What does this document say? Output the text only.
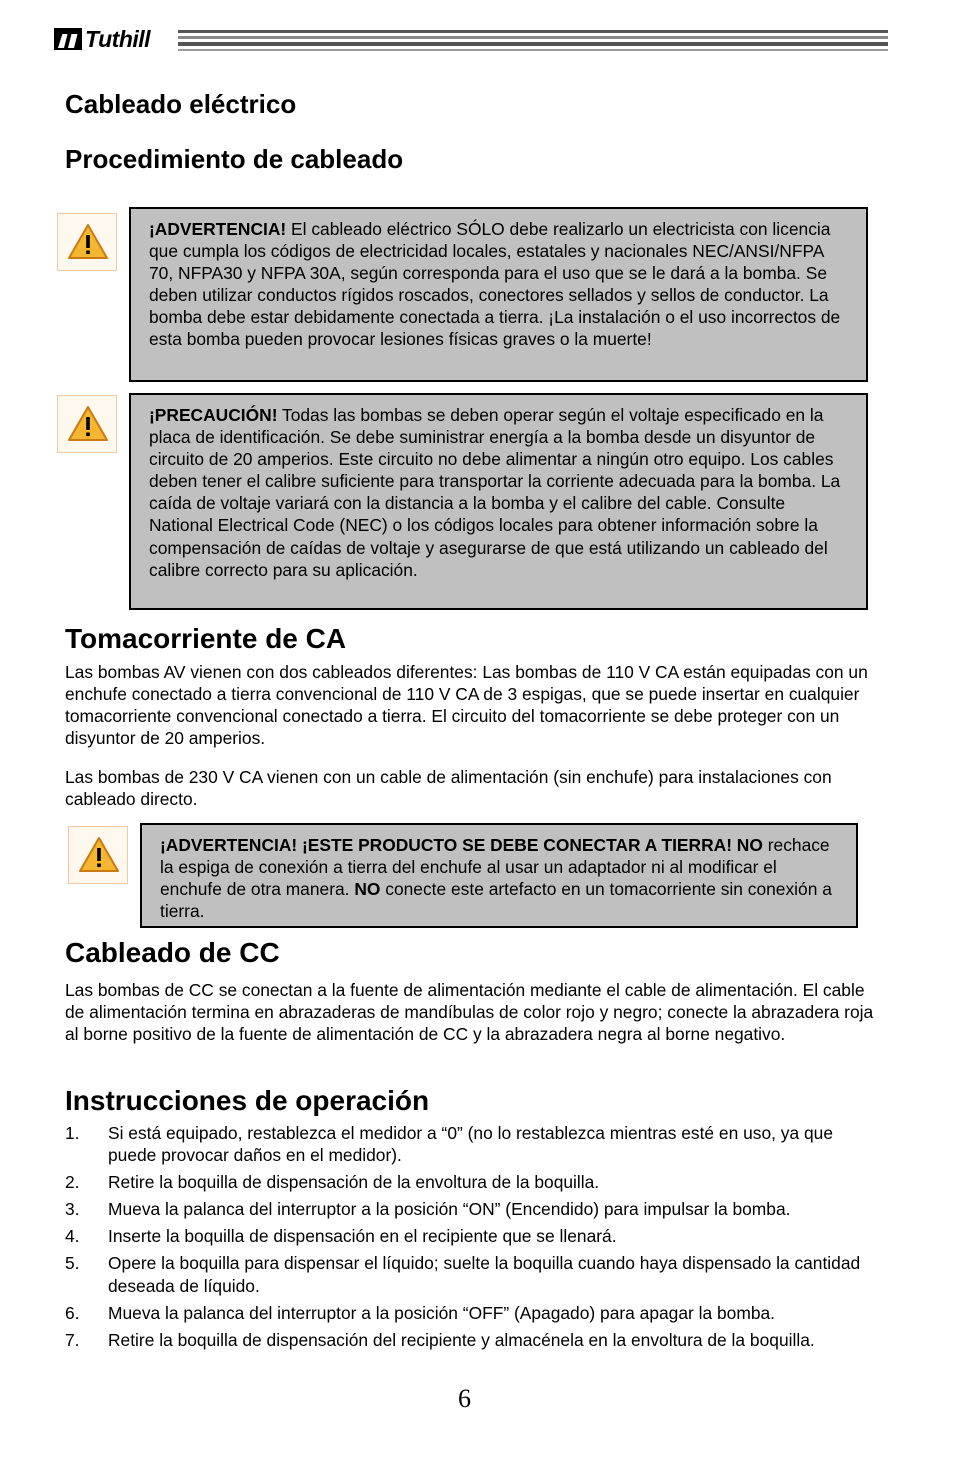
Tuthill
Cableado eléctrico
Procedimiento de cableado
¡ADVERTENCIA! El cableado eléctrico SÓLO debe realizarlo un electricista con licencia que cumpla los códigos de electricidad locales, estatales y nacionales NEC/ANSI/NFPA 70, NFPA30 y NFPA 30A, según corresponda para el uso que se le dará a la bomba. Se deben utilizar conductos rígidos roscados, conectores sellados y sellos de conductor. La bomba debe estar debidamente conectada a tierra. ¡La instalación o el uso incorrectos de esta bomba pueden provocar lesiones físicas graves o la muerte!
¡PRECAUCIÓN! Todas las bombas se deben operar según el voltaje especificado en la placa de identificación. Se debe suministrar energía a la bomba desde un disyuntor de circuito de 20 amperios. Este circuito no debe alimentar a ningún otro equipo. Los cables deben tener el calibre suficiente para transportar la corriente adecuada para la bomba. La caída de voltaje variará con la distancia a la bomba y el calibre del cable. Consulte National Electrical Code (NEC) o los códigos locales para obtener información sobre la compensación de caídas de voltaje y asegurarse de que está utilizando un cableado del calibre correcto para su aplicación.
Tomacorriente de CA

Las bombas AV vienen con dos cableados diferentes: Las bombas de 110 V CA están equipadas con un enchufe conectado a tierra convencional de 110 V CA de 3 espigas, que se puede insertar en cualquier tomacorriente convencional conectado a tierra. El circuito del tomacorriente se debe proteger con un disyuntor de 20 amperios.

Las bombas de 230 V CA vienen con un cable de alimentación (sin enchufe) para instalaciones con cableado directo.

¡ADVERTENCIA! ¡ESTE PRODUCTO SE DEBE CONECTAR A TIERRA! NO rechace la espiga de conexión a tierra del enchufe al usar un adaptador ni al modificar el enchufe de otra manera. NO conecte este artefacto en un tomacorriente sin conexión a tierra.
Cableado de CC

Las bombas de CC se conectan a la fuente de alimentación mediante el cable de alimentación. El cable de alimentación termina en abrazaderas de mandíbulas de color rojo y negro; conecte la abrazadera roja al borne positivo de la fuente de alimentación de CC y la abrazadera negra al borne negativo.

Instrucciones de operación
1. Si está equipado, restablezca el medidor a “0” (no lo restablezca mientras esté en uso, ya que puede provocar daños en el medidor).
2. Retire la boquilla de dispensación de la envoltura de la boquilla.
3. Mueva la palanca del interruptor a la posición “ON” (Encendido) para impulsar la bomba.
4. Inserte la boquilla de dispensación en el recipiente que se llenará.
5. Opere la boquilla para dispensar el líquido; suelte la boquilla cuando haya dispensado la cantidad deseada de líquido.
6. Mueva la palanca del interruptor a la posición “OFF” (Apagado) para apagar la bomba.
7. Retire la boquilla de dispensación del recipiente y almacénela en la envoltura de la boquilla.
6
